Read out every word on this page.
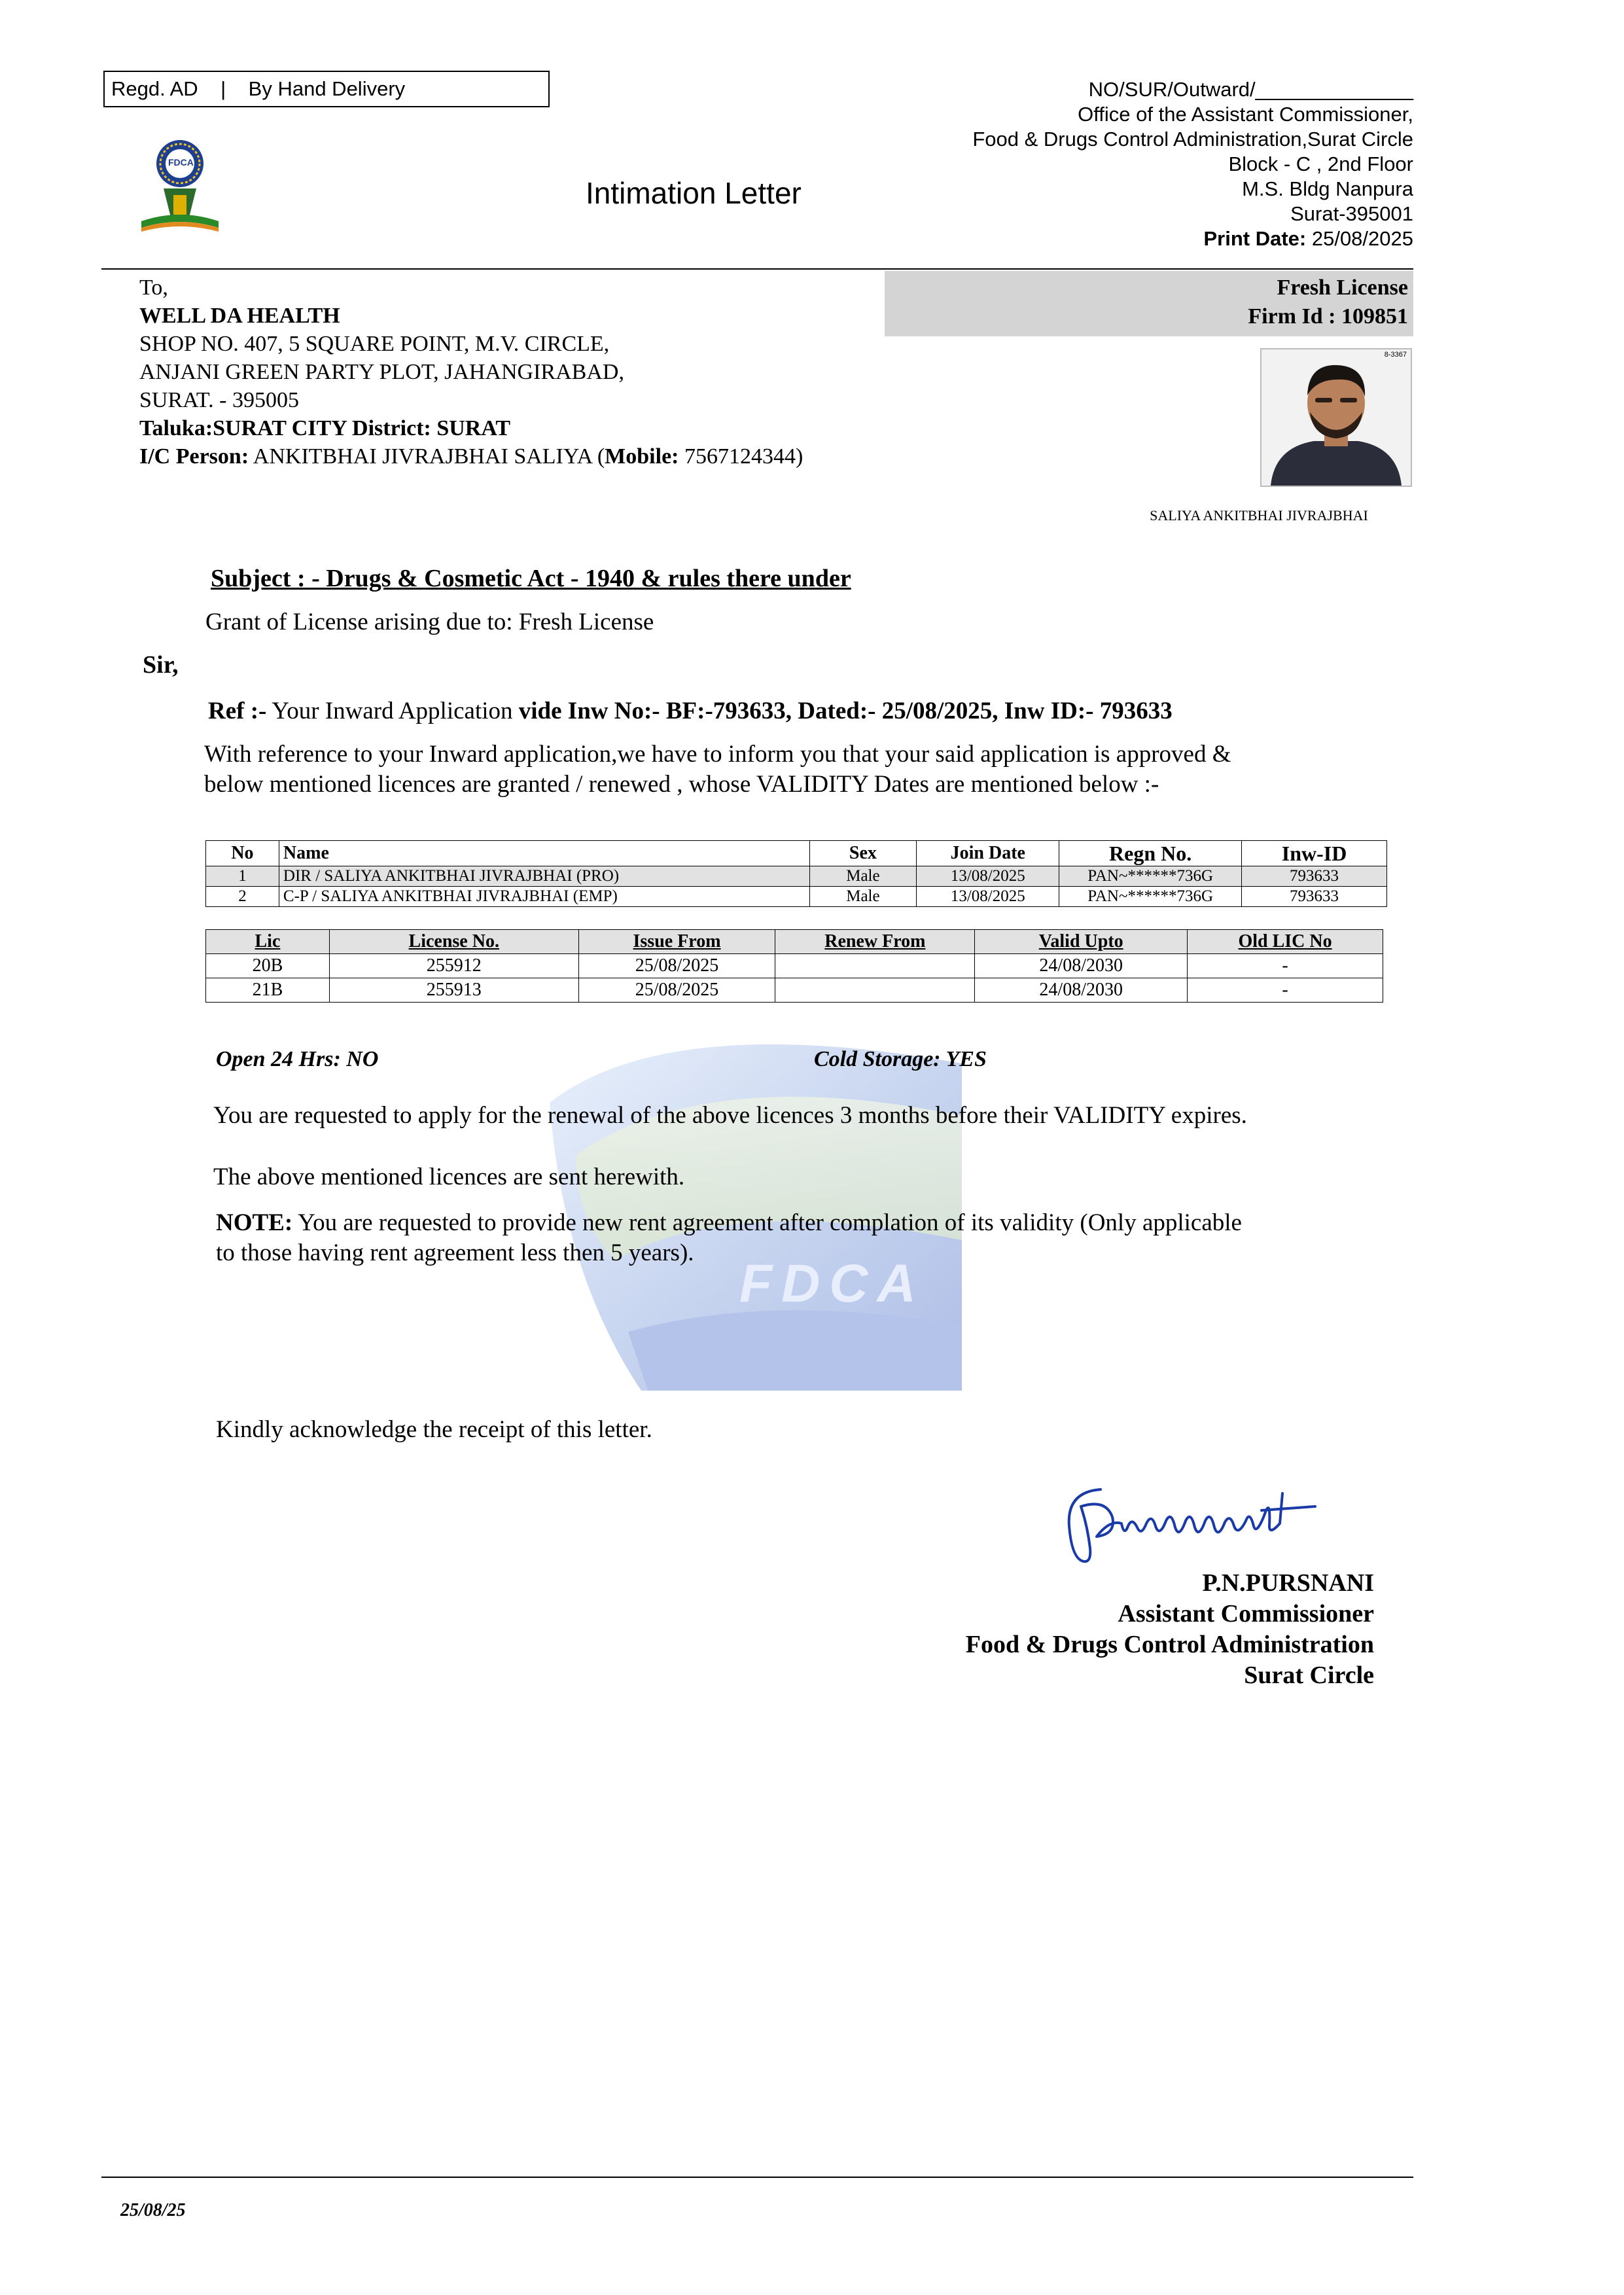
Regd. AD | By Hand Delivery	NO/SUR/Outward/______________
Office of the Assistant Commissioner,
Food & Drugs Control Administration,Surat Circle
Block - C , 2nd Floor
M.S. Bldg Nanpura
Surat-395001
Print Date: 25/08/2025
FDCA
Intimation Letter
To,
WELL DA HEALTH
SHOP NO. 407, 5 SQUARE POINT, M.V. CIRCLE,
ANJANI GREEN PARTY PLOT, JAHANGIRABAD,
SURAT. - 395005
Taluka:SURAT CITY District: SURAT
I/C Person: ANKITBHAI JIVRAJBHAI SALIYA (Mobile: 7567124344)
Fresh License
Firm Id : 109851
8-3367
SALIYA ANKITBHAI JIVRAJBHAI
FDCA
Subject : - Drugs & Cosmetic Act - 1940 & rules there under
Grant of License arising due to: Fresh License
Sir,
Ref :- Your Inward Application vide Inw No:- BF:-793633, Dated:- 25/08/2025, Inw ID:- 793633
With reference to your Inward application,we have to inform you that your said application is approved &
below mentioned licences are granted / renewed , whose VALIDITY Dates are mentioned below :-
No	Name	Sex	Join Date	Regn No.	Inw-ID
1	DIR / SALIYA ANKITBHAI JIVRAJBHAI (PRO)	Male	13/08/2025	PAN~******736G	793633
2	C-P / SALIYA ANKITBHAI JIVRAJBHAI (EMP)	Male	13/08/2025	PAN~******736G	793633
Lic	License No.	Issue From	Renew From	Valid Upto	Old LIC No
20B	255912	25/08/2025		24/08/2030	-
21B	255913	25/08/2025		24/08/2030	-
Open 24 Hrs: NO	Cold Storage: YES
You are requested to apply for the renewal of the above licences 3 months before their VALIDITY expires.
The above mentioned licences are sent herewith.
NOTE: You are requested to provide new rent agreement after complation of its validity (Only applicable
to those having rent agreement less then 5 years).
Kindly acknowledge the receipt of this letter.
P.N.PURSNANI
Assistant Commissioner
Food & Drugs Control Administration
Surat Circle
25/08/25
